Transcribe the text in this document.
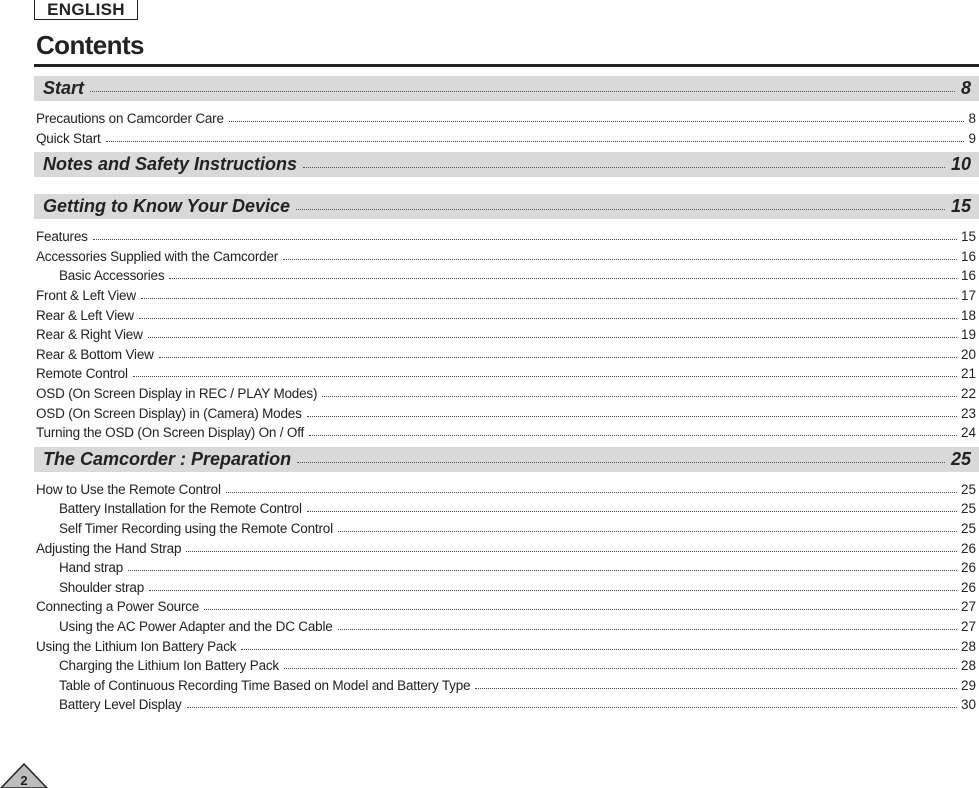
ENGLISH
Contents
Start	8
Precautions on Camcorder Care	8
Quick Start	9
Notes and Safety Instructions	10
Getting to Know Your Device	15
Features	15
Accessories Supplied with the Camcorder	16
Basic Accessories	16
Front & Left View	17
Rear & Left View	18
Rear & Right View	19
Rear & Bottom View	20
Remote Control	21
OSD (On Screen Display in REC / PLAY Modes)	22
OSD (On Screen Display) in (Camera) Modes	23
Turning the OSD (On Screen Display) On / Off	24
The Camcorder : Preparation	25
How to Use the Remote Control	25
Battery Installation for the Remote Control	25
Self Timer Recording using the Remote Control	25
Adjusting the Hand Strap	26
Hand strap	26
Shoulder strap	26
Connecting a Power Source	27
Using the AC Power Adapter and the DC Cable	27
Using the Lithium Ion Battery Pack	28
Charging the Lithium Ion Battery Pack	28
Table of Continuous Recording Time Based on Model and Battery Type	29
Battery Level Display	30
2
